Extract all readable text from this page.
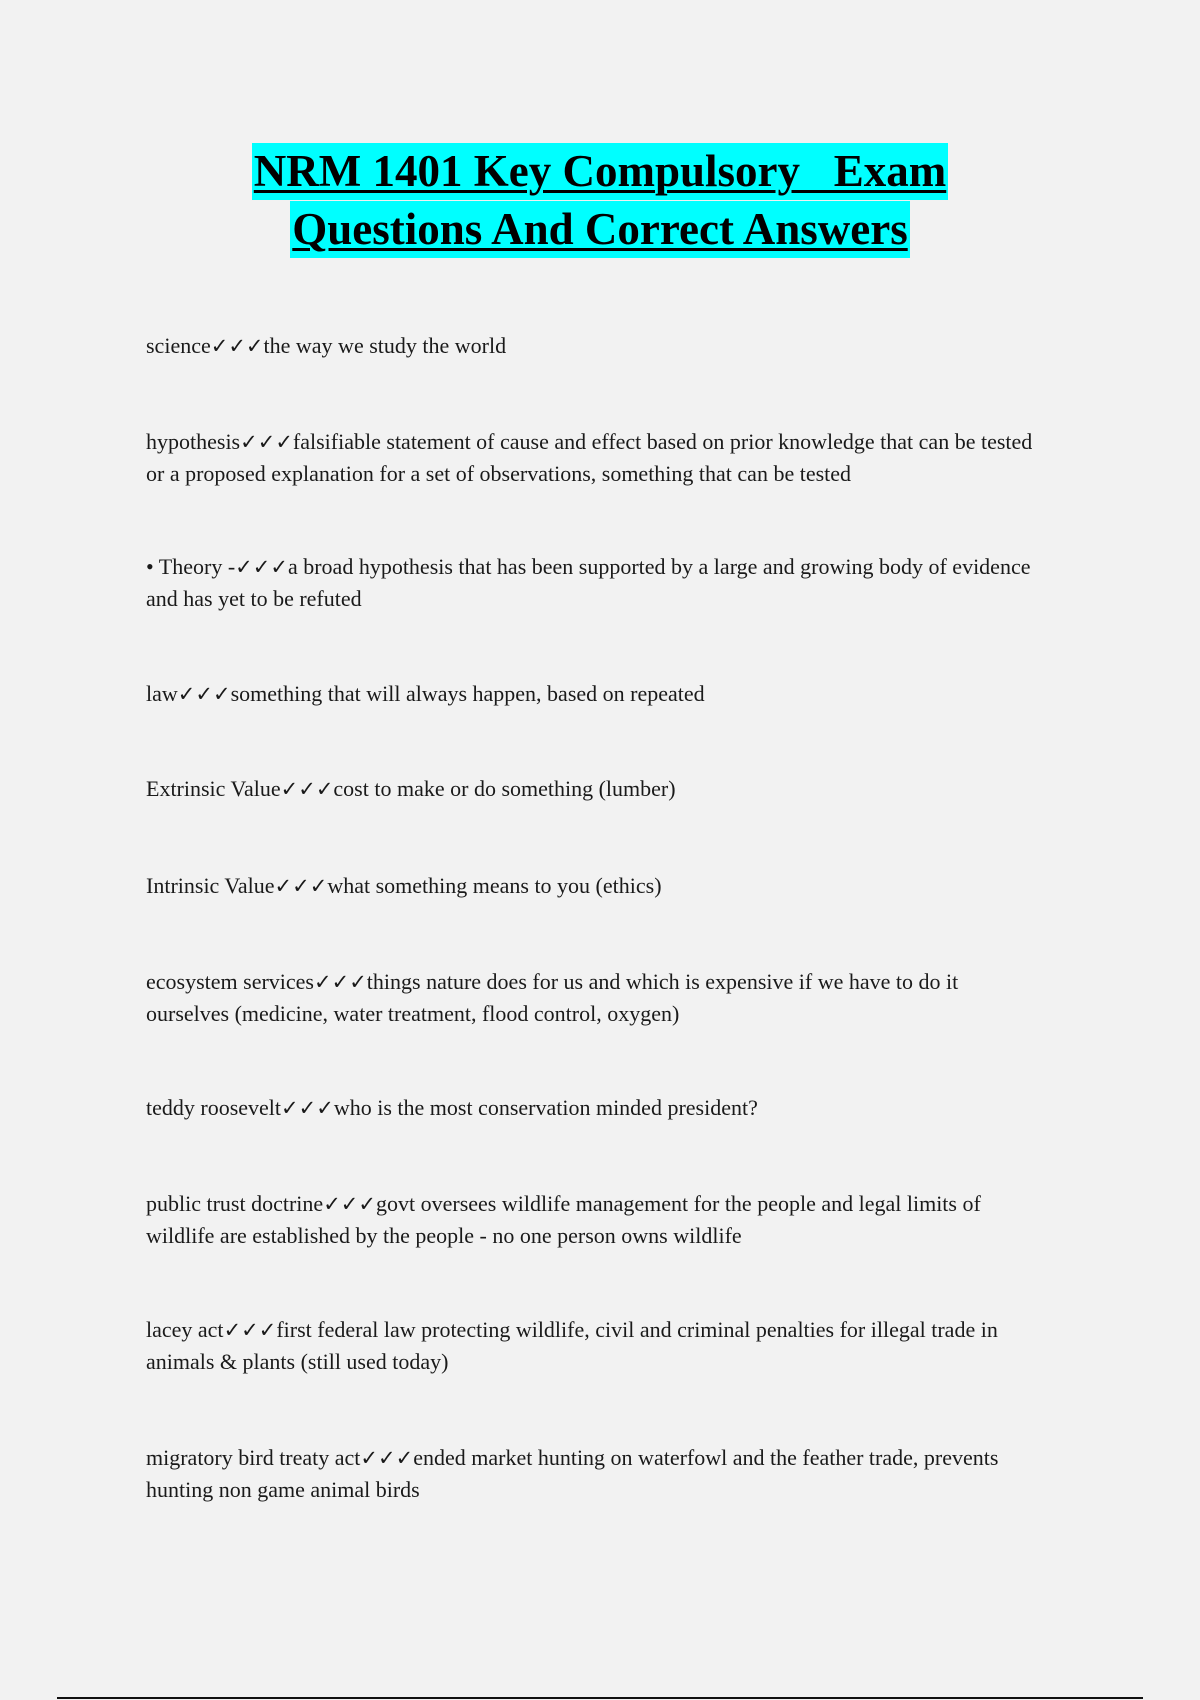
NRM 1401 Key Compulsory   Exam
Questions And Correct Answers
science✓✓✓the way we study the world
hypothesis✓✓✓falsifiable statement of cause and effect based on prior knowledge that can be tested or a proposed explanation for a set of observations, something that can be tested
• Theory -✓✓✓a broad hypothesis that has been supported by a large and growing body of evidence and has yet to be refuted
law✓✓✓something that will always happen, based on repeated
Extrinsic Value✓✓✓cost to make or do something (lumber)
Intrinsic Value✓✓✓what something means to you (ethics)
ecosystem services✓✓✓things nature does for us and which is expensive if we have to do it ourselves (medicine, water treatment, flood control, oxygen)
teddy roosevelt✓✓✓who is the most conservation minded president?
public trust doctrine✓✓✓govt oversees wildlife management for the people and legal limits of wildlife are established by the people - no one person owns wildlife
lacey act✓✓✓first federal law protecting wildlife, civil and criminal penalties for illegal trade in animals & plants (still used today)
migratory bird treaty act✓✓✓ended market hunting on waterfowl and the feather trade, prevents hunting non game animal birds
